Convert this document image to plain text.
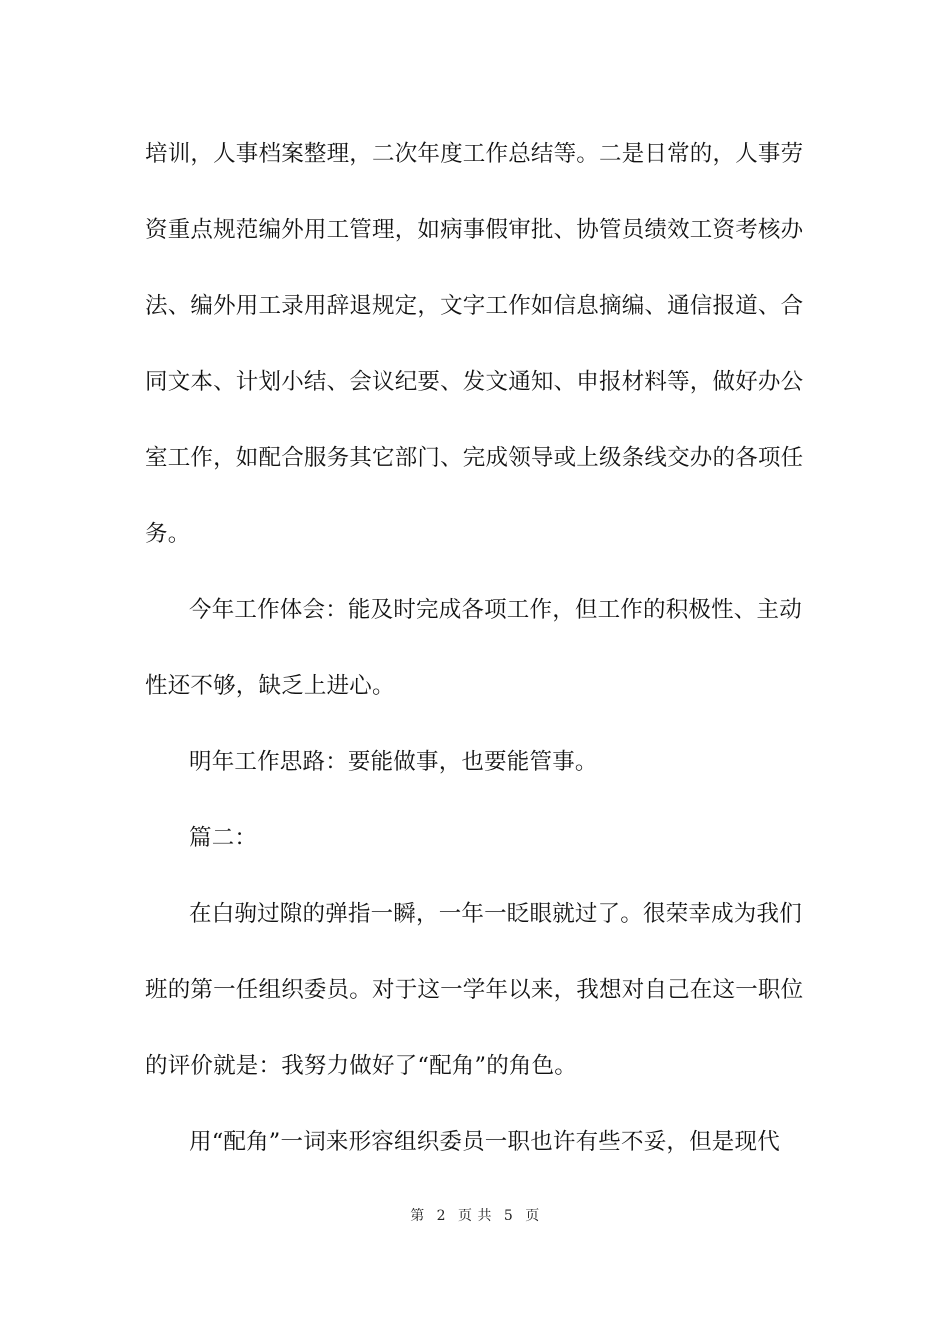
培训，人事档案整理，二次年度工作总结等。二是日常的，人事劳
资重点规范编外用工管理，如病事假审批、协管员绩效工资考核办
法、编外用工录用辞退规定，文字工作如信息摘编、通信报道、合
同文本、计划小结、会议纪要、发文通知、申报材料等，做好办公
室工作，如配合服务其它部门、完成领导或上级条线交办的各项任
务。
今年工作体会：能及时完成各项工作，但工作的积极性、主动
性还不够，缺乏上进心。
明年工作思路：要能做事，也要能管事。
篇二：
在白驹过隙的弹指一瞬，一年一眨眼就过了。很荣幸成为我们
班的第一任组织委员。对于这一学年以来，我想对自己在这一职位
的评价就是：我努力做好了“配角”的角色。
用“配角”一词来形容组织委员一职也许有些不妥，但是现代
第 2 页 共 5 页
